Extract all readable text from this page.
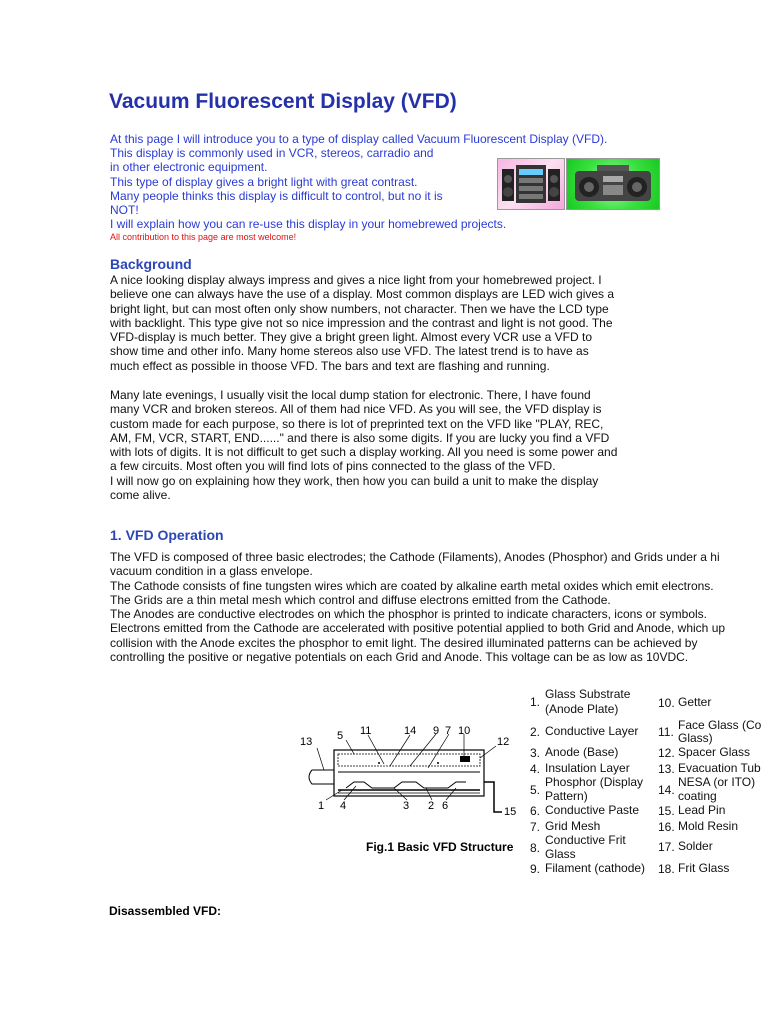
Vacuum Fluorescent Display (VFD)
At this page I will introduce you to a type of display called Vacuum Fluorescent Display (VFD).
This display is commonly used in VCR, stereos, carradio and
in other electronic equipment.
This type of display gives a bright light with great contrast.
Many people thinks this display is difficult to control, but no it is
NOT!
I will explain how you can re-use this display in your homebrewed projects.
All contribution to this page are most welcome!
Background
A nice looking display always impress and gives a nice light from your homebrewed project. I
believe one can always have the use of a display. Most common displays are LED wich gives a
bright light, but can most often only show numbers, not character. Then we have the LCD type
with backlight. This type give not so nice impression and the contrast and light is not good. The
VFD-display is much better. They give a bright green light. Almost every VCR use a VFD to
show time and other info. Many home stereos also use VFD. The latest trend is to have as
much effect as possible in thoose VFD. The bars and text are flashing and running.
Many late evenings, I usually visit the local dump station for electronic. There, I have found
many VCR and broken stereos. All of them had nice VFD. As you will see, the VFD display is
custom made for each purpose, so there is lot of preprinted text on the VFD like "PLAY, REC,
AM, FM, VCR, START, END......" and there is also some digits. If you are lucky you find a VFD
with lots of digits. It is not difficult to get such a display working. All you need is some power and
a few circuits. Most often you will find lots of pins connected to the glass of the VFD.
I will now go on explaining how they work, then how you can build a unit to make the display
come alive.
1. VFD Operation
The VFD is composed of three basic electrodes; the Cathode (Filaments), Anodes (Phosphor) and Grids under a hi
vacuum condition in a glass envelope.
The Cathode consists of fine tungsten wires which are coated by alkaline earth metal oxides which emit electrons.
The Grids are a thin metal mesh which control and diffuse electrons emitted from the Cathode.
The Anodes are conductive electrodes on which the phosphor is printed to indicate characters, icons or symbols.
Electrons emitted from the Cathode are accelerated with positive potential applied to both Grid and Anode, which up
collision with the Anode excites the phosphor to emit light. The desired illuminated patterns can be achieved by
controlling the positive or negative potentials on each Grid and Anode. This voltage can be as low as 10VDC.
13 5 11	14 9 7 10
12
1 4	3 2 6	15
Fig.1 Basic VFD Structure
1.
Glass Substrate
(Anode Plate)
2. Conductive Layer
3. Anode (Base)
4. Insulation Layer
5.
Phosphor (Display
Pattern)
6. Conductive Paste
7. Grid Mesh
8.
Conductive Frit
Glass
9. Filament (cathode)
10. Getter
11. Face Glass (Co
Glass)
12. Spacer Glass
13. Evacuation Tub
14.
NESA (or ITO)
coating
15. Lead Pin
16. Mold Resin
17. Solder
18. Frit Glass
Disassembled VFD:
